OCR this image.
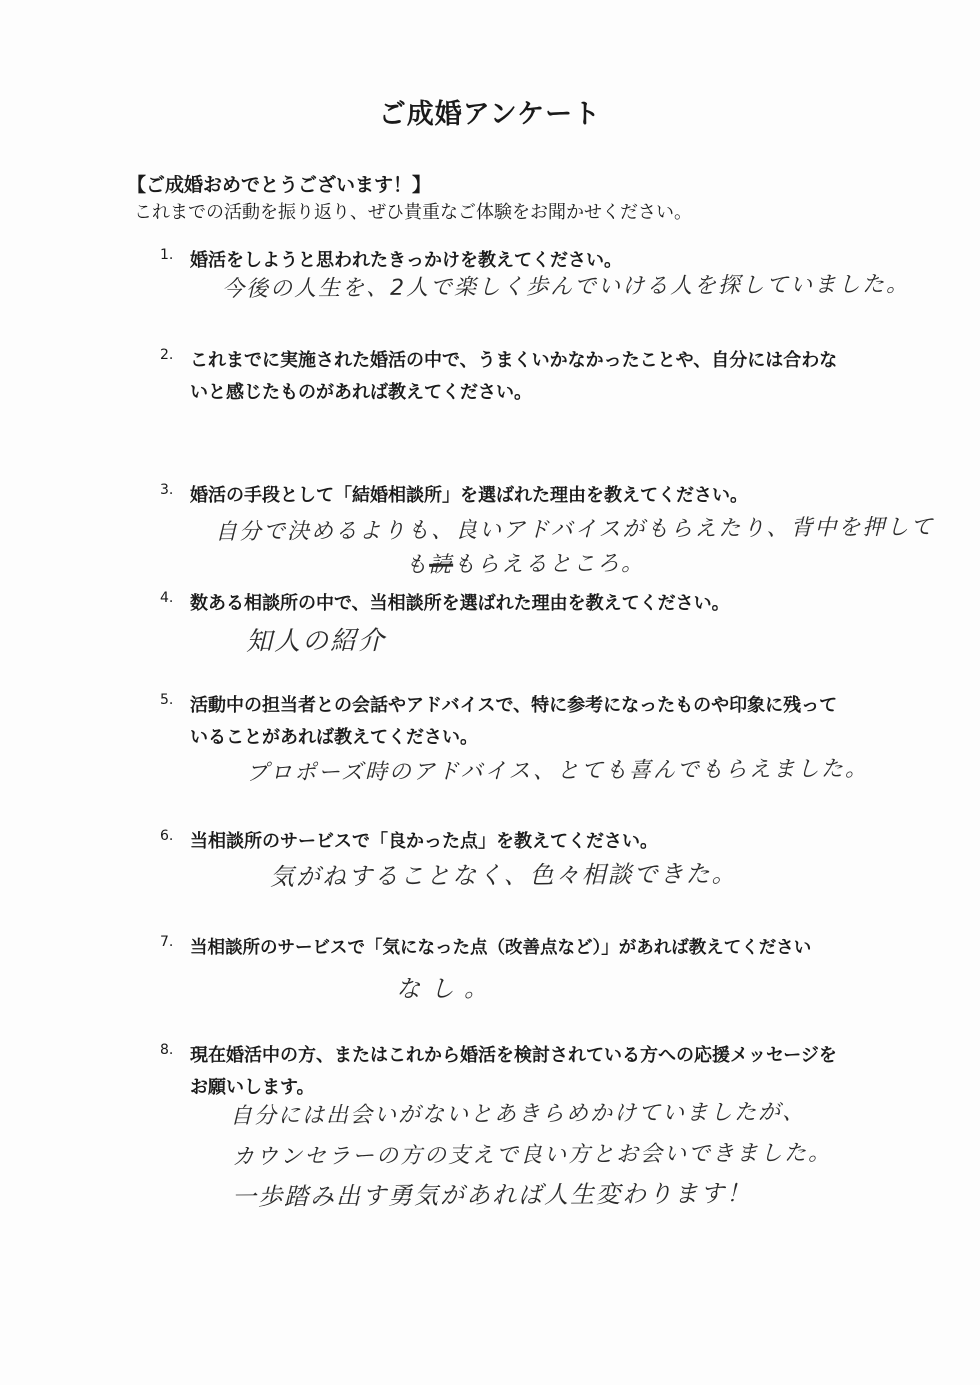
ご成婚アンケート
【ご成婚おめでとうございます！】
これまでの活動を振り返り、ぜひ貴重なご体験をお聞かせください。
1. 婚活をしようと思われたきっかけを教えてください。
今後の人生を、2人で楽しく歩んでいける人を探していました。
2. これまでに実施された婚活の中で、うまくいかなかったことや、自分には合わないと感じたものがあれば教えてください。
3. 婚活の手段として「結婚相談所」を選ばれた理由を教えてください。
自分で決めるよりも、良いアドバイスがもらえたり、背中を押して
も読もらえるところ。
4. 数ある相談所の中で、当相談所を選ばれた理由を教えてください。
知人の紹介
5. 活動中の担当者との会話やアドバイスで、特に参考になったものや印象に残っていることがあれば教えてください。
プロポーズ時のアドバイス、とても喜んでもらえました。
6. 当相談所のサービスで「良かった点」を教えてください。
気がねすることなく、色々相談できた。
7. 当相談所のサービスで「気になった点（改善点など）」があれば教えてください
なし。
8. 現在婚活中の方、またはこれから婚活を検討されている方への応援メッセージをお願いします。
自分には出会いがないとあきらめかけていましたが、
カウンセラーの方の支えで良い方とお会いできました。
一歩踏み出す勇気があれば人生変わります！
